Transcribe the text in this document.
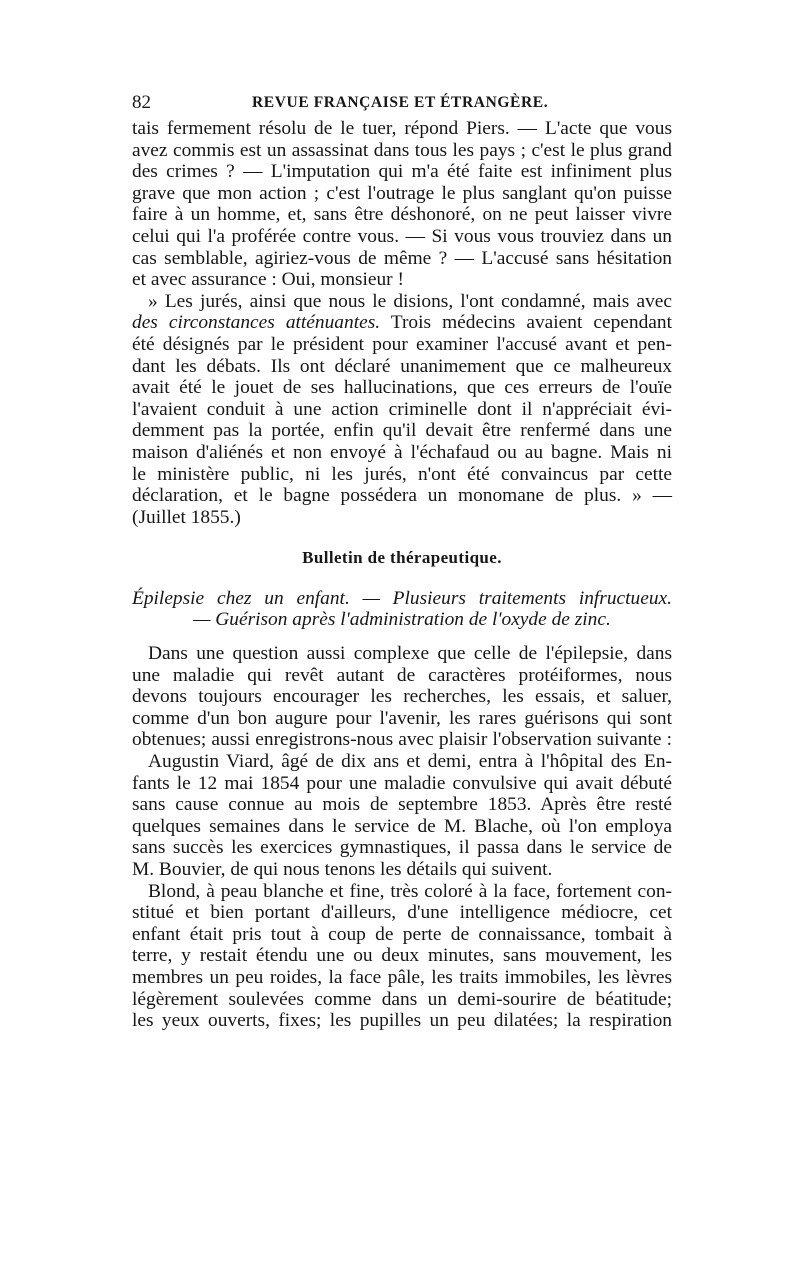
82	REVUE FRANÇAISE ET ÉTRANGÈRE.
tais fermement résolu de le tuer, répond Piers. — L'acte que vous
avez commis est un assassinat dans tous les pays ; c'est le plus grand
des crimes ? — L'imputation qui m'a été faite est infiniment plus
grave que mon action ; c'est l'outrage le plus sanglant qu'on puisse
faire à un homme, et, sans être déshonoré, on ne peut laisser vivre
celui qui l'a proférée contre vous. — Si vous vous trouviez dans un
cas semblable, agiriez-vous de même ? — L'accusé sans hésitation
et avec assurance : Oui, monsieur !
» Les jurés, ainsi que nous le disions, l'ont condamné, mais avec
des circonstances atténuantes. Trois médecins avaient cependant
été désignés par le président pour examiner l'accusé avant et pen-
dant les débats. Ils ont déclaré unanimement que ce malheureux
avait été le jouet de ses hallucinations, que ces erreurs de l'ouïe
l'avaient conduit à une action criminelle dont il n'appréciait évi-
demment pas la portée, enfin qu'il devait être renfermé dans une
maison d'aliénés et non envoyé à l'échafaud ou au bagne. Mais ni
le ministère public, ni les jurés, n'ont été convaincus par cette
déclaration, et le bagne possédera un monomane de plus. » —
(Juillet 1855.)
Bulletin de thérapeutique.
Épilepsie chez un enfant. — Plusieurs traitements infructueux.
— Guérison après l'administration de l'oxyde de zinc.
Dans une question aussi complexe que celle de l'épilepsie, dans
une maladie qui revêt autant de caractères protéiformes, nous
devons toujours encourager les recherches, les essais, et saluer,
comme d'un bon augure pour l'avenir, les rares guérisons qui sont
obtenues; aussi enregistrons-nous avec plaisir l'observation suivante :
Augustin Viard, âgé de dix ans et demi, entra à l'hôpital des En-
fants le 12 mai 1854 pour une maladie convulsive qui avait débuté
sans cause connue au mois de septembre 1853. Après être resté
quelques semaines dans le service de M. Blache, où l'on employa
sans succès les exercices gymnastiques, il passa dans le service de
M. Bouvier, de qui nous tenons les détails qui suivent.
Blond, à peau blanche et fine, très coloré à la face, fortement con-
stitué et bien portant d'ailleurs, d'une intelligence médiocre, cet
enfant était pris tout à coup de perte de connaissance, tombait à
terre, y restait étendu une ou deux minutes, sans mouvement, les
membres un peu roides, la face pâle, les traits immobiles, les lèvres
légèrement soulevées comme dans un demi-sourire de béatitude;
les yeux ouverts, fixes; les pupilles un peu dilatées; la respiration
